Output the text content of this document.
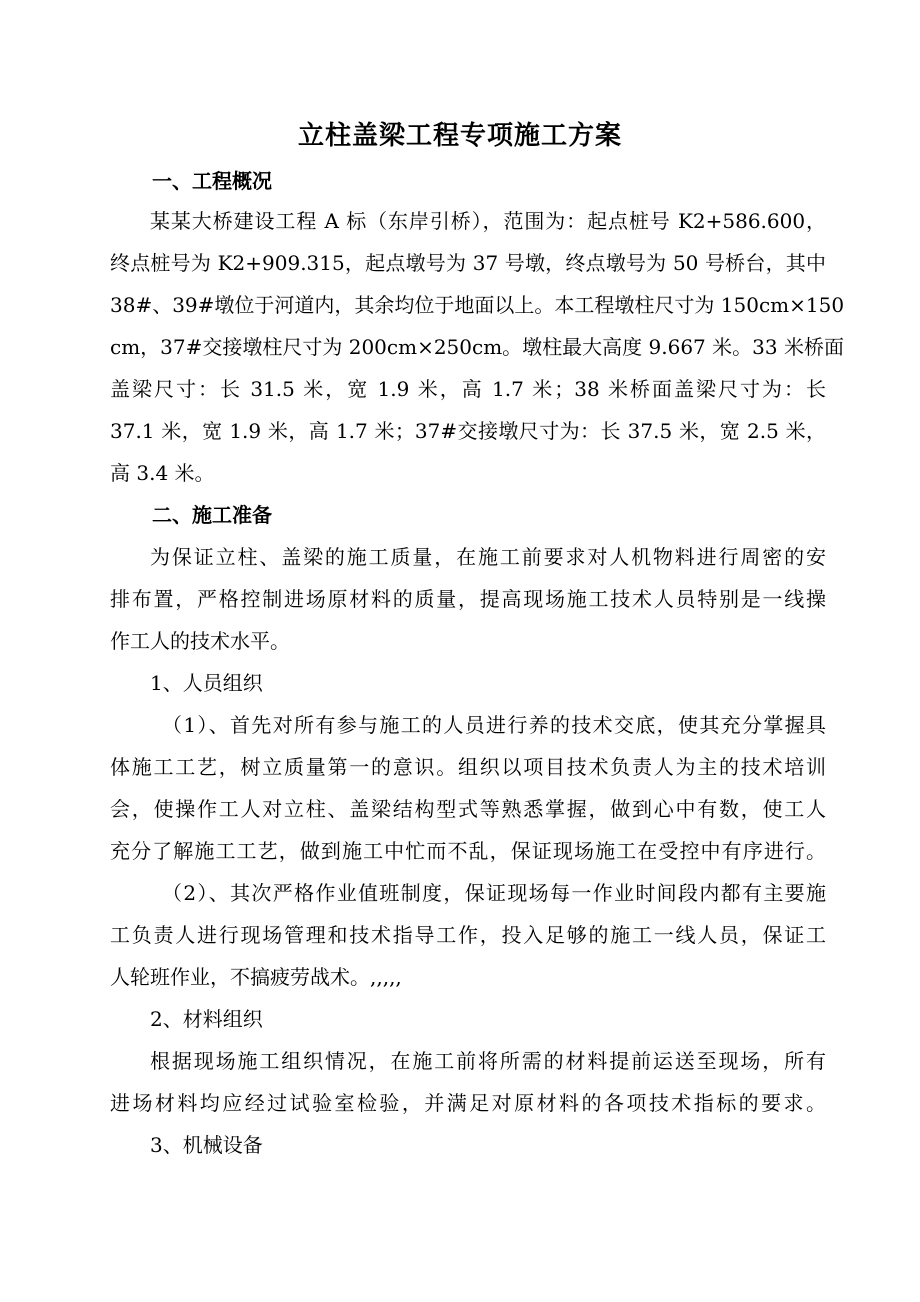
立柱盖梁工程专项施工方案
一、工程概况
某某大桥建设工程 A 标（东岸引桥），范围为：起点桩号 K2+586.600，
终点桩号为 K2+909.315，起点墩号为 37 号墩，终点墩号为 50 号桥台，其中
38#、39#墩位于河道内，其余均位于地面以上。本工程墩柱尺寸为 150cm×150
cm，37#交接墩柱尺寸为 200cm×250cm。墩柱最大高度 9.667 米。33 米桥面
盖梁尺寸：长 31.5 米，宽 1.9 米，高 1.7 米；38 米桥面盖梁尺寸为：长
37.1 米，宽 1.9 米，高 1.7 米；37#交接墩尺寸为：长 37.5 米，宽 2.5 米，
高 3.4 米。
二、施工准备
为保证立柱、盖梁的施工质量，在施工前要求对人机物料进行周密的安
排布置，严格控制进场原材料的质量，提高现场施工技术人员特别是一线操
作工人的技术水平。
1、人员组织
（1）、首先对所有参与施工的人员进行养的技术交底，使其充分掌握具
体施工工艺，树立质量第一的意识。组织以项目技术负责人为主的技术培训
会，使操作工人对立柱、盖梁结构型式等熟悉掌握，做到心中有数，使工人
充分了解施工工艺，做到施工中忙而不乱，保证现场施工在受控中有序进行。
（2）、其次严格作业值班制度，保证现场每一作业时间段内都有主要施
工负责人进行现场管理和技术指导工作，投入足够的施工一线人员，保证工
人轮班作业，不搞疲劳战术。,,,,,
2、材料组织
根据现场施工组织情况，在施工前将所需的材料提前运送至现场，所有
进场材料均应经过试验室检验，并满足对原材料的各项技术指标的要求。
3、机械设备
